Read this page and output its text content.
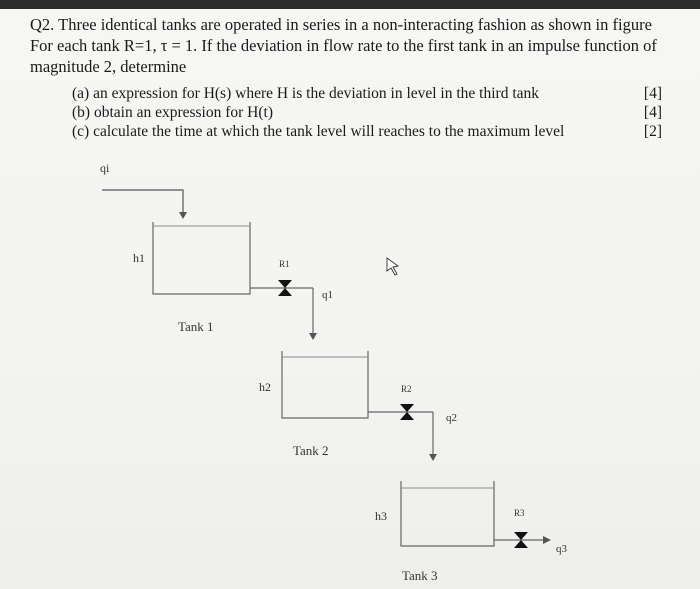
Q2. Three identical tanks are operated in series in a non-interacting fashion as shown in figure

For each tank R=1, τ = 1. If the deviation in flow rate to the first tank in an impulse function of

magnitude 2, determine

(a) an expression for H(s) where H is the deviation in level in the third tank	[4]
(b) obtain an expression for H(t)	[4]
(c) calculate the time at which the tank level will reaches to the maximum level	[2]
qi
h1
Tank 1
R1
q1
h2
Tank 2
R2
q2
h3
Tank 3
R3
q3
